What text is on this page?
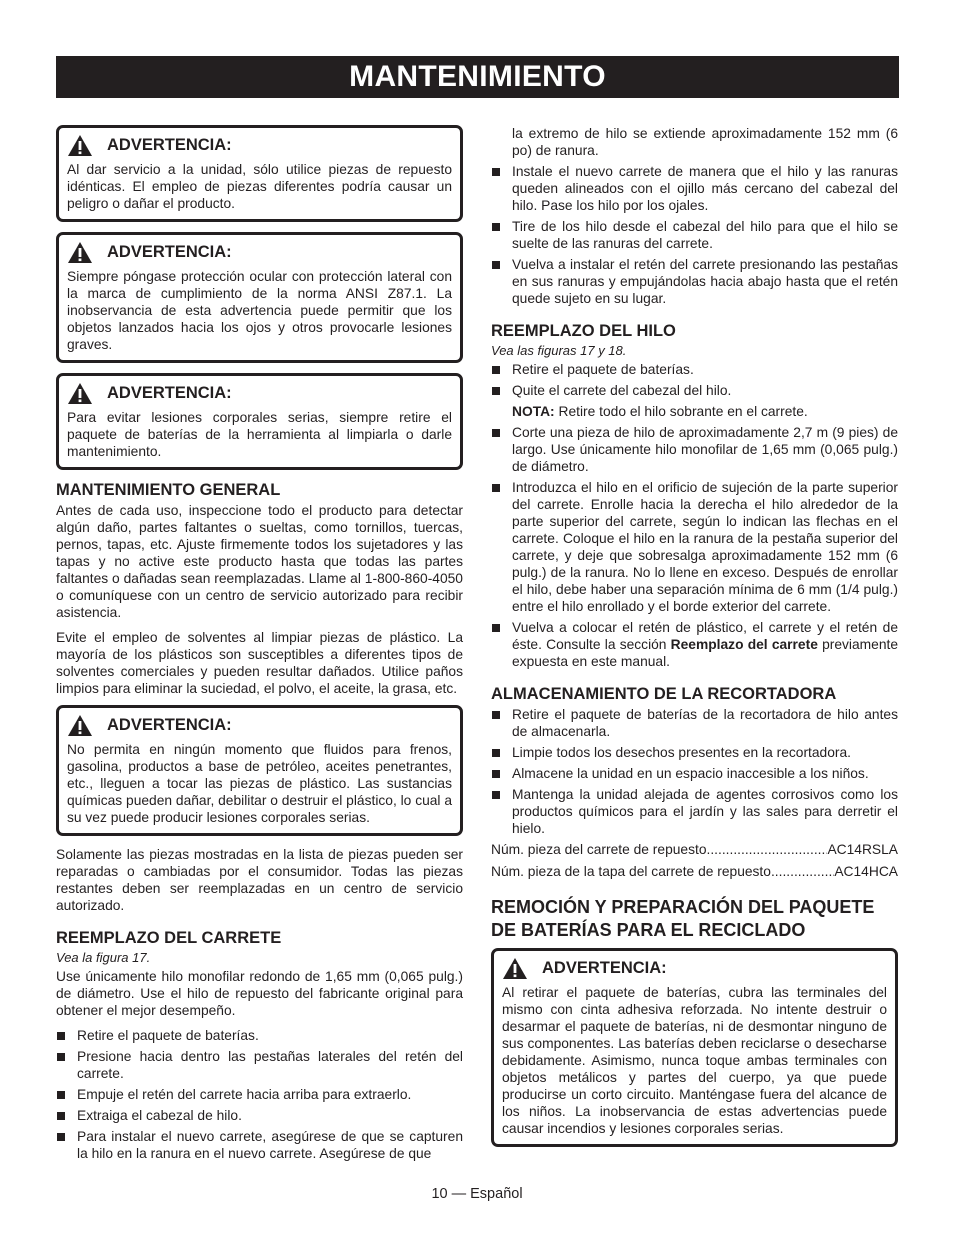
MANTENIMIENTO
ADVERTENCIA:
Al dar servicio a la unidad, sólo utilice piezas de repuesto idénticas. El empleo de piezas diferentes podría causar un peligro o dañar el producto.
ADVERTENCIA:
Siempre póngase protección ocular con protección lateral con la marca de cumplimiento de la norma ANSI Z87.1. La inobservancia de esta advertencia puede permitir que los objetos lanzados hacia los ojos y otros provocarle lesiones graves.
ADVERTENCIA:
Para evitar lesiones corporales serias, siempre retire el paquete de baterías de la herramienta al limpiarla o darle mantenimiento.
MANTENIMIENTO GENERAL

Antes de cada uso, inspeccione todo el producto para detectar algún daño, partes faltantes o sueltas, como tornillos, tuercas, pernos, tapas, etc. Ajuste firmemente todos los sujetadores y las tapas y no active este producto hasta que todas las partes faltantes o dañadas sean reemplazadas. Llame al 1-800-860-4050 o comuníquese con un centro de servicio autorizado para recibir asistencia.

Evite el empleo de solventes al limpiar piezas de plástico. La mayoría de los plásticos son susceptibles a diferentes tipos de solventes comerciales y pueden resultar dañados. Utilice paños limpios para eliminar la suciedad, el polvo, el aceite, la grasa, etc.

ADVERTENCIA:
No permita en ningún momento que fluidos para frenos, gasolina, productos a base de petróleo, aceites penetrantes, etc., lleguen a tocar las piezas de plástico. Las sustancias químicas pueden dañar, debilitar o destruir el plástico, lo cual a su vez puede producir lesiones corporales serias.

Solamente las piezas mostradas en la lista de piezas pueden ser reparadas o cambiadas por el consumidor. Todas las piezas restantes deben ser reemplazadas en un centro de servicio autorizado.

REEMPLAZO DEL CARRETE
Vea la figura 17.

Use únicamente hilo monofilar redondo de 1,65 mm (0,065 pulg.) de diámetro. Use el hilo de repuesto del fabricante original para obtener el mejor desempeño.

Retire el paquete de baterías.
Presione hacia dentro las pestañas laterales del retén del carrete.
Empuje el retén del carrete hacia arriba para extraerlo.
Extraiga el cabezal de hilo.
Para instalar el nuevo carrete, asegúrese de que se capturen la hilo en la ranura en el nuevo carrete. Asegúrese de que

la extremo de hilo se extiende aproximadamente 152 mm (6 po) de ranura.

Instale el nuevo carrete de manera que el hilo y las ranuras queden alineados con el ojillo más cercano del cabezal del hilo. Pase los hilo por los ojales.
Tire de los hilo desde el cabezal del hilo para que el hilo se suelte de las ranuras del carrete.
Vuelva a instalar el retén del carrete presionando las pestañas en sus ranuras y empujándolas hacia abajo hasta que el retén quede sujeto en su lugar.
REEMPLAZO DEL HILO
Vea las figuras 17 y 18.
Retire el paquete de baterías.
Quite el carrete del cabezal del hilo.
NOTA: Retire todo el hilo sobrante en el carrete.
Corte una pieza de hilo de aproximadamente 2,7 m (9 pies) de largo. Use únicamente hilo monofilar de 1,65 mm (0,065 pulg.) de diámetro.
Introduzca el hilo en el orificio de sujeción de la parte superior del carrete. Enrolle hacia la derecha el hilo alrededor de la parte superior del carrete, según lo indican las flechas en el carrete. Coloque el hilo en la ranura de la pestaña superior del carrete, y deje que sobresalga aproximadamente 152 mm (6 pulg.) de la ranura. No lo llene en exceso. Después de enrollar el hilo, debe haber una separación mínima de 6 mm (1/4 pulg.) entre el hilo enrollado y el borde exterior del carrete.
Vuelva a colocar el retén de plástico, el carrete y el retén de éste. Consulte la sección Reemplazo del carrete previamente expuesta en este manual.
ALMACENAMIENTO DE LA RECORTADORA
Retire el paquete de baterías de la recortadora de hilo antes de almacenarla.
Limpie todos los desechos presentes en la recortadora.
Almacene la unidad en un espacio inaccesible a los niños.
Mantenga la unidad alejada de agentes corrosivos como los productos químicos para el jardín y las sales para derretir el hielo.
Núm. pieza del carrete de repuesto .....	AC14RSLA
Núm. pieza de la tapa del carrete de repuesto .....	AC14HCA
REMOCIÓN Y PREPARACIÓN DEL PAQUETE DE BATERÍAS PARA EL RECICLADO
ADVERTENCIA:
Al retirar el paquete de baterías, cubra las terminales del mismo con cinta adhesiva reforzada. No intente destruir o desarmar el paquete de baterías, ni de desmontar ninguno de sus componentes. Las baterías deben reciclarse o desecharse debidamente. Asimismo, nunca toque ambas terminales con objetos metálicos y partes del cuerpo, ya que puede producirse un corto circuito. Manténgase fuera del alcance de los niños. La inobservancia de estas advertencias puede causar incendios y lesiones corporales serias.
10 — Español
